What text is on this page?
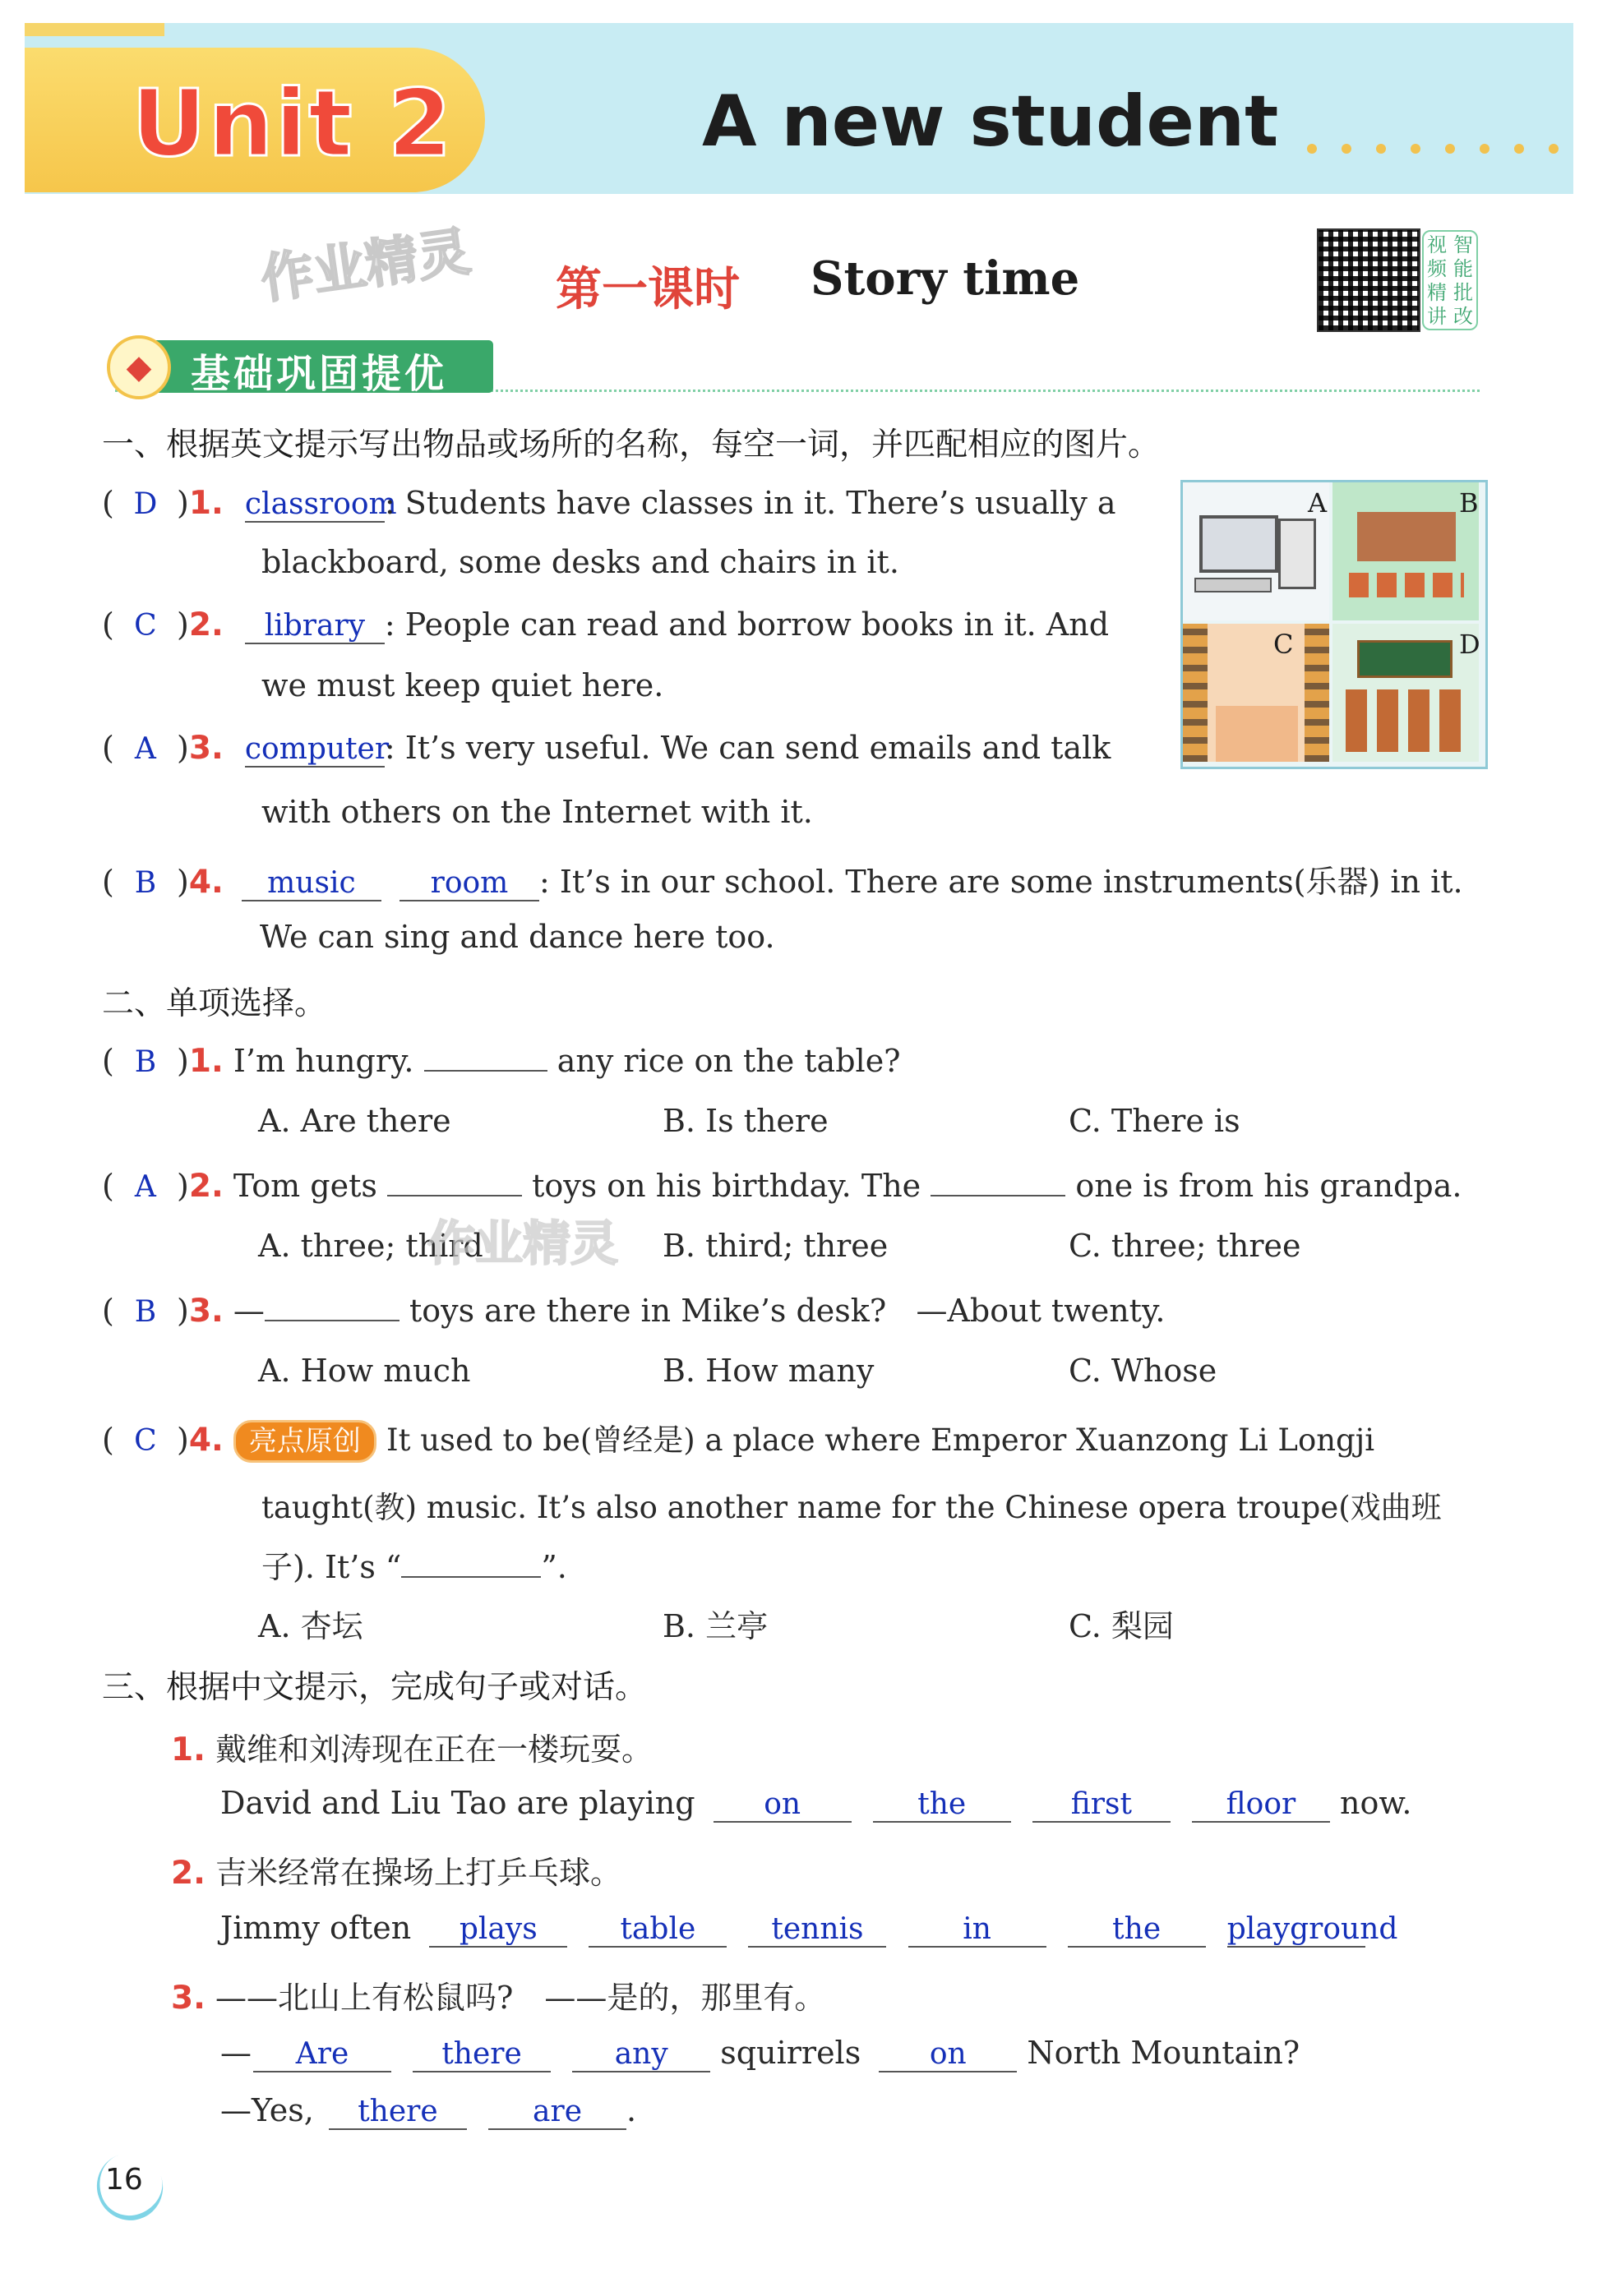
Unit 2	A new student
作业精灵 第一课时 Story time
视 智
频 能
精 批
讲 改
◆ 基础巩固提优
一、根据英文提示写出物品或场所的名称，每空一词，并匹配相应的图片。
( D )1. classroom: Students have classes in it. There’s usually a
blackboard, some desks and chairs in it.
( C )2. library : People can read and borrow books in it. And
we must keep quiet here.
( A )3. computer: It’s very useful. We can send emails and talk
with others on the Internet with it.
( B )4. music	room : It’s in our school. There are some instruments(乐器) in it.
We can sing and dance here too.
A	B
C	D
二、单项选择。
( B )1. I’m hungry.	any rice on the table?
A. Are there	B. Is there	C. There is
( A )2. Tom gets	toys on his birthday. The	one is from his grandpa.
A. three; third	B. third; three	C. three; three
作业精灵
( B )3. —	toys are there in Mike’s desk? —About twenty.
A. How much	B. How many	C. Whose
( C )4. 亮点原创 It used to be(曾经是) a place where Emperor Xuanzong Li Longji
taught(教) music. It’s also another name for the Chinese opera troupe(戏曲班
子). It’s “	”.
A. 杏坛	B. 兰亭	C. 梨园
三、根据中文提示，完成句子或对话。
1. 戴维和刘涛现在正在一楼玩耍。
David and Liu Tao are playing on	the	first	floor now.
2. 吉米经常在操场上打乒乓球。
Jimmy often plays	table	tennis	in	the playground
3. ——北山上有松鼠吗?　——是的，那里有。
— Are	there	any squirrels on North Mountain?
—Yes, there	are .
16
